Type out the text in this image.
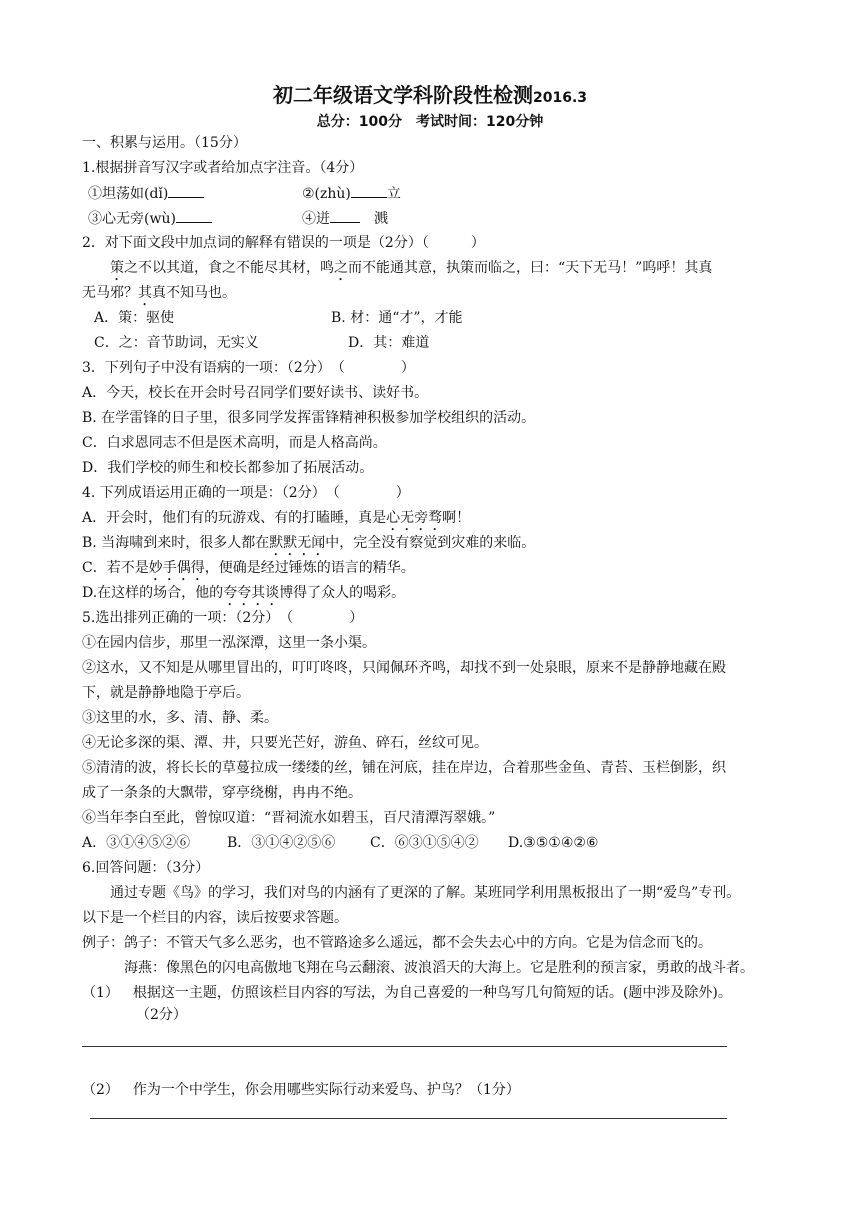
初二年级语文学科阶段性检测2016.3
总分：100分　考试时间：120分钟
一、积累与运用。（15分）
1.根据拼音写汉字或者给加点字注音。（4分）
①坦荡如(dǐ)	②(zhù)	立
③心无旁(wù)	④迸	溅
2．对下面文段中加点词的解释有错误的一项是（2分）（　　　）
　　策之不以其道，食之不能尽其材，鸣之而不能通其意，执策而临之，曰：“天下无马！”呜呼！其真
无马邪？其真不知马也。
A．策：驱使	B. 材：通“才”，才能
C．之：音节助词，无实义	D．其：难道
3．下列句子中没有语病的一项：（2分）　（　　　　）
A．今天，校长在开会时号召同学们要好读书、读好书。
B. 在学雷锋的日子里，很多同学发挥雷锋精神积极参加学校组织的活动。
C．白求恩同志不但是医术高明，而是人格高尚。
D．我们学校的师生和校长都参加了拓展活动。
4. 下列成语运用正确的一项是：（2分）　（　　　　）
A．开会时，他们有的玩游戏、有的打瞌睡，真是心无旁骛啊！
B. 当海啸到来时，很多人都在默默无闻中，完全没有察觉到灾难的来临。
C．若不是妙手偶得，便确是经过锤炼的语言的精华。
D.在这样的场合，他的夸夸其谈博得了众人的喝彩。
5.选出排列正确的一项：（2分）　（　　　　）
①在园内信步，那里一泓深潭，这里一条小渠。
②这水，又不知是从哪里冒出的，叮叮咚咚，只闻佩环齐鸣，却找不到一处泉眼，原来不是静静地藏在殿
下，就是静静地隐于亭后。
③这里的水，多、清、静、柔。
④无论多深的渠、潭、井，只要光芒好，游鱼、碎石，丝纹可见。
⑤清清的波，将长长的草蔓拉成一缕缕的丝，铺在河底，挂在岸边，合着那些金鱼、青苔、玉栏倒影，织
成了一条条的大飘带，穿亭绕榭，冉冉不绝。
⑥当年李白至此，曾惊叹道：“晋祠流水如碧玉，百尺清潭泻翠娥。”
A．③①④⑤②⑥	B．③①④②⑤⑥ C．⑥③①⑤④② D.③⑤①④②⑥
6.回答问题：（3分）
　　通过专题《鸟》的学习，我们对鸟的内涵有了更深的了解。某班同学利用黑板报出了一期“爱鸟”专刊。
以下是一个栏目的内容，读后按要求答题。
例子：鸽子：不管天气多么恶劣，也不管路途多么遥远，都不会失去心中的方向。它是为信念而飞的。
　　　海燕：像黑色的闪电高傲地飞翔在乌云翻滚、波浪滔天的大海上。它是胜利的预言家，勇敢的战斗者。
（1） 根据这一主题，仿照该栏目内容的写法，为自己喜爱的一种鸟写几句简短的话。(题中涉及除外)。
（2分）
（2） 作为一个中学生，你会用哪些实际行动来爱鸟、护鸟？（1分）
